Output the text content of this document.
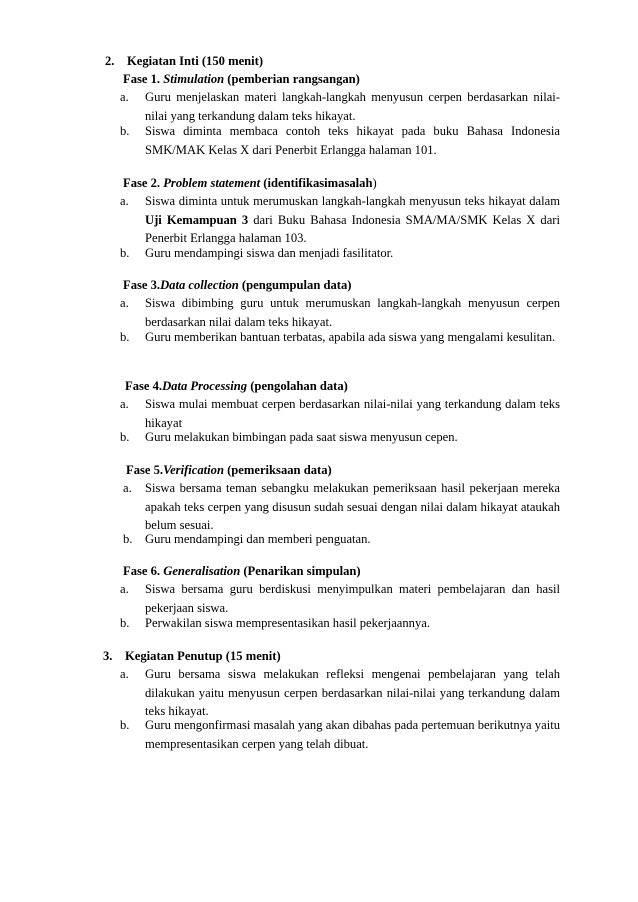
2. Kegiatan Inti (150 menit)
Fase 1. Stimulation (pemberian rangsangan)
a.	Guru menjelaskan materi langkah-langkah menyusun cerpen berdasarkan nilai-nilai yang terkandung dalam teks hikayat.
b.	Siswa diminta membaca contoh teks hikayat pada buku Bahasa Indonesia SMK/MAK Kelas X dari Penerbit Erlangga halaman 101.
Fase 2. Problem statement (identifikasimasalah)
a.	Siswa diminta untuk merumuskan langkah-langkah menyusun teks hikayat dalam Uji Kemampuan 3 dari Buku Bahasa Indonesia SMA/MA/SMK Kelas X dari Penerbit Erlangga halaman 103.
b.	Guru mendampingi siswa dan menjadi fasilitator.
Fase 3.Data collection (pengumpulan data)
a.	Siswa dibimbing guru untuk merumuskan langkah-langkah menyusun cerpen berdasarkan nilai dalam teks hikayat.
b.	Guru memberikan bantuan terbatas, apabila ada siswa yang mengalami kesulitan.
Fase 4.Data Processing (pengolahan data)
a.	Siswa mulai membuat cerpen berdasarkan nilai-nilai yang terkandung dalam teks hikayat
b.	Guru melakukan bimbingan pada saat siswa menyusun cepen.
Fase 5.Verification (pemeriksaan data)
a.	Siswa bersama teman sebangku melakukan pemeriksaan hasil pekerjaan mereka apakah teks cerpen yang disusun sudah sesuai dengan nilai dalam hikayat ataukah belum sesuai.
b. Guru mendampingi dan memberi penguatan.
Fase 6. Generalisation (Penarikan simpulan)
a.	Siswa bersama guru berdiskusi menyimpulkan materi pembelajaran dan hasil pekerjaan siswa.
b.	Perwakilan siswa mempresentasikan hasil pekerjaannya.
3. Kegiatan Penutup (15 menit)
a.	Guru bersama siswa melakukan refleksi mengenai pembelajaran yang telah dilakukan yaitu menyusun cerpen berdasarkan nilai-nilai yang terkandung dalam teks hikayat.
b.	Guru mengonfirmasi masalah yang akan dibahas pada pertemuan berikutnya yaitu mempresentasikan cerpen yang telah dibuat.
